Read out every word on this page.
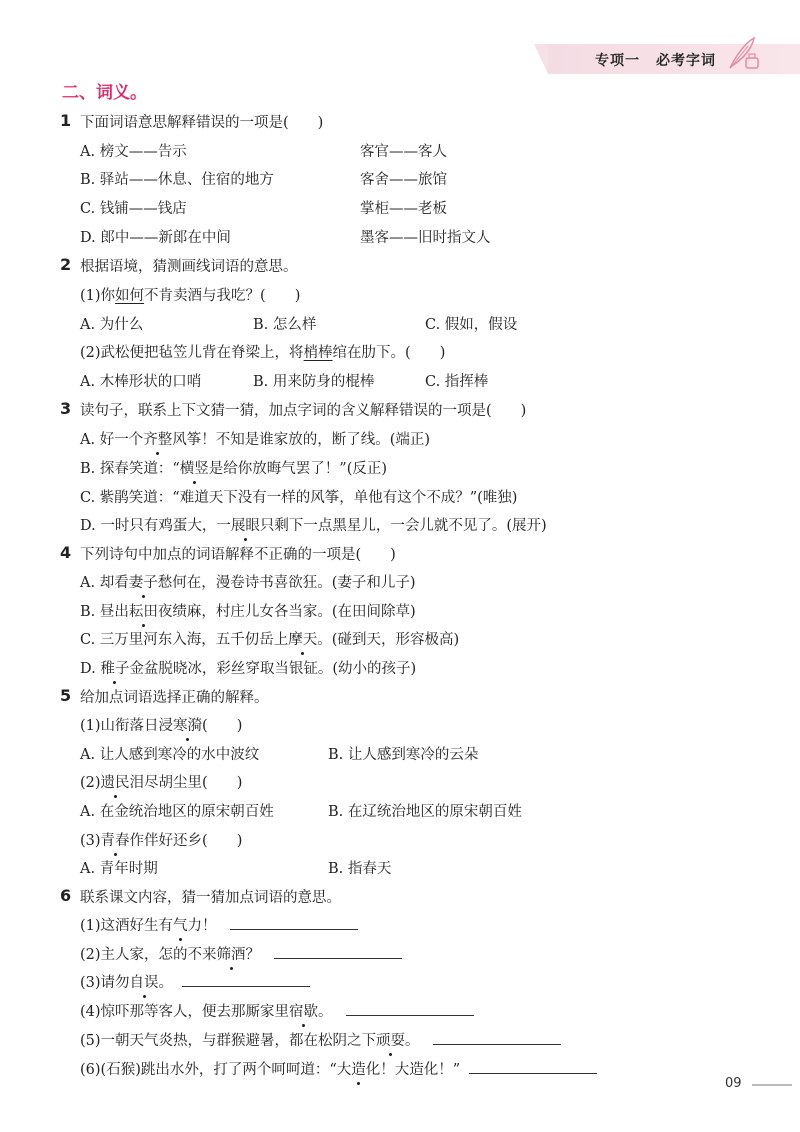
专项一 必考字词
二、词义。
1 下面词语意思解释错误的一项是(　　)
A. 榜文——告示	客官——客人
B. 驿站——休息、住宿的地方	客舍——旅馆
C. 钱铺——钱店	掌柜——老板
D. 郎中——新郎在中间	墨客——旧时指文人
2 根据语境，猜测画线词语的意思。
(1)你如何不肯卖酒与我吃？(　　)
A. 为什么	B. 怎么样	C. 假如，假设
(2)武松便把毡笠儿背在脊梁上，将梢棒绾在肋下。(　　)
A. 木棒形状的口哨	B. 用来防身的棍棒	C. 指挥棒
3 读句子，联系上下文猜一猜，加点字词的含义解释错误的一项是(　　)
A. 好一个齐整风筝！不知是谁家放的，断了线。(端正)
B. 探春笑道：“横竖是给你放晦气罢了！”(反正)
C. 紫鹃笑道：“难道天下没有一样的风筝，单他有这个不成？”(唯独)
D. 一时只有鸡蛋大，一展眼只剩下一点黑星儿，一会儿就不见了。(展开)
4 下列诗句中加点的词语解释不正确的一项是(　　)
A. 却看妻子愁何在，漫卷诗书喜欲狂。(妻子和儿子)
B. 昼出耘田夜绩麻，村庄儿女各当家。(在田间除草)
C. 三万里河东入海，五千仞岳上摩天。(碰到天，形容极高)
D. 稚子金盆脱晓冰，彩丝穿取当银钲。(幼小的孩子)
5 给加点词语选择正确的解释。
(1)山衔落日浸寒漪(　　)
A. 让人感到寒冷的水中波纹	B. 让人感到寒冷的云朵
(2)遗民泪尽胡尘里(　　)
A. 在金统治地区的原宋朝百姓	B. 在辽统治地区的原宋朝百姓
(3)青春作伴好还乡(　　)
A. 青年时期	B. 指春天
6 联系课文内容，猜一猜加点词语的意思。
(1)这酒好生有气力！
(2)主人家，怎的不来筛酒？
(3)请勿自误。
(4)惊吓那等客人，便去那厮家里宿歇。
(5)一朝天气炎热，与群猴避暑，都在松阴之下顽耍。
(6)(石猴)跳出水外，打了两个呵呵道：“大造化！大造化！”
09
